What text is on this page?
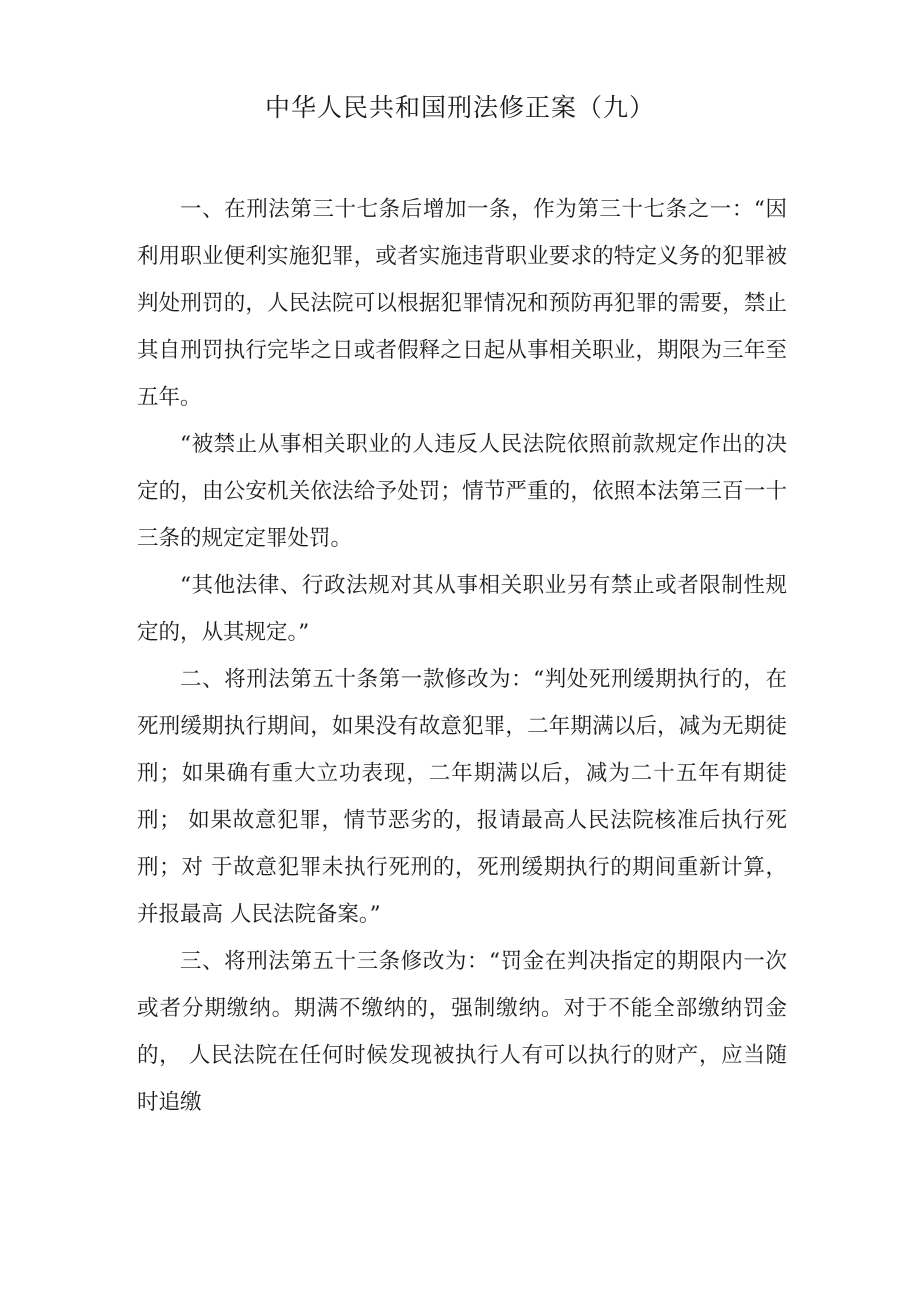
中华人民共和国刑法修正案（九）

一、在刑法第三十七条后增加一条，作为第三十七条之一：“因利用职业便利实施犯罪，或者实施违背职业要求的特定义务的犯罪被判处刑罚的，人民法院可以根据犯罪情况和预防再犯罪的需要，禁止其自刑罚执行完毕之日或者假释之日起从事相关职业，期限为三年至五年。

“被禁止从事相关职业的人违反人民法院依照前款规定作出的决定的，由公安机关依法给予处罚；情节严重的，依照本法第三百一十三条的规定定罪处罚。

“其他法律、行政法规对其从事相关职业另有禁止或者限制性规定的，从其规定。”

二、将刑法第五十条第一款修改为：“判处死刑缓期执行的，在死刑缓期执行期间，如果没有故意犯罪，二年期满以后，减为无期徒刑；如果确有重大立功表现，二年期满以后，减为二十五年有期徒刑； 如果故意犯罪，情节恶劣的，报请最高人民法院核准后执行死刑；对 于故意犯罪未执行死刑的，死刑缓期执行的期间重新计算，并报最高 人民法院备案。”

三、将刑法第五十三条修改为：“罚金在判决指定的期限内一次或者分期缴纳。期满不缴纳的，强制缴纳。对于不能全部缴纳罚金的， 人民法院在任何时候发现被执行人有可以执行的财产，应当随时追缴
